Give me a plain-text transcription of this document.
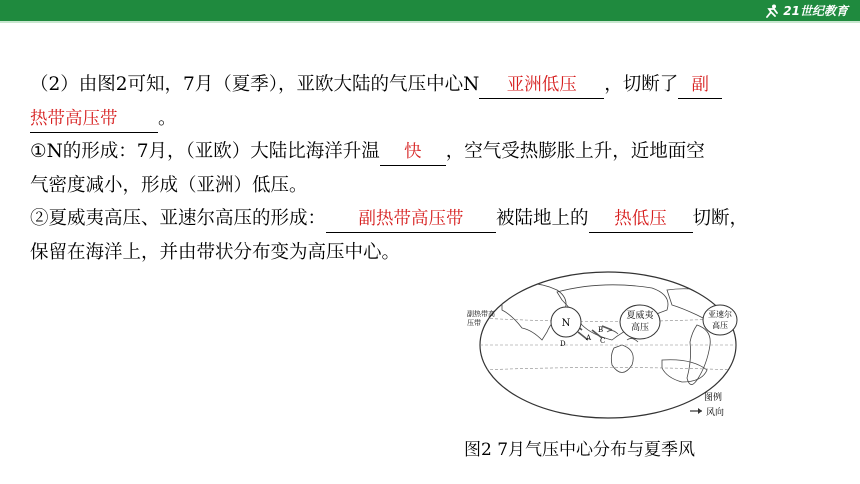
21世纪教育
（2）由图2可知，7月（夏季），亚欧大陆的气压中心N 亚洲低压 ，切断了 副
热带高压带 。
①N的形成：7月，（亚欧）大陆比海洋升温 快 ，空气受热膨胀上升，近地面空
气密度减小，形成（亚洲）低压。
②夏威夷高压、亚速尔高压的形成： 副热带高压带 被陆地上的 热低压 切断，
保留在海洋上，并由带状分布变为高压中心。
N
夏威夷
高压
亚速尔
高压
副热带高
压带
A
B
C
D
图例
风向
图2 7月气压中心分布与夏季风
